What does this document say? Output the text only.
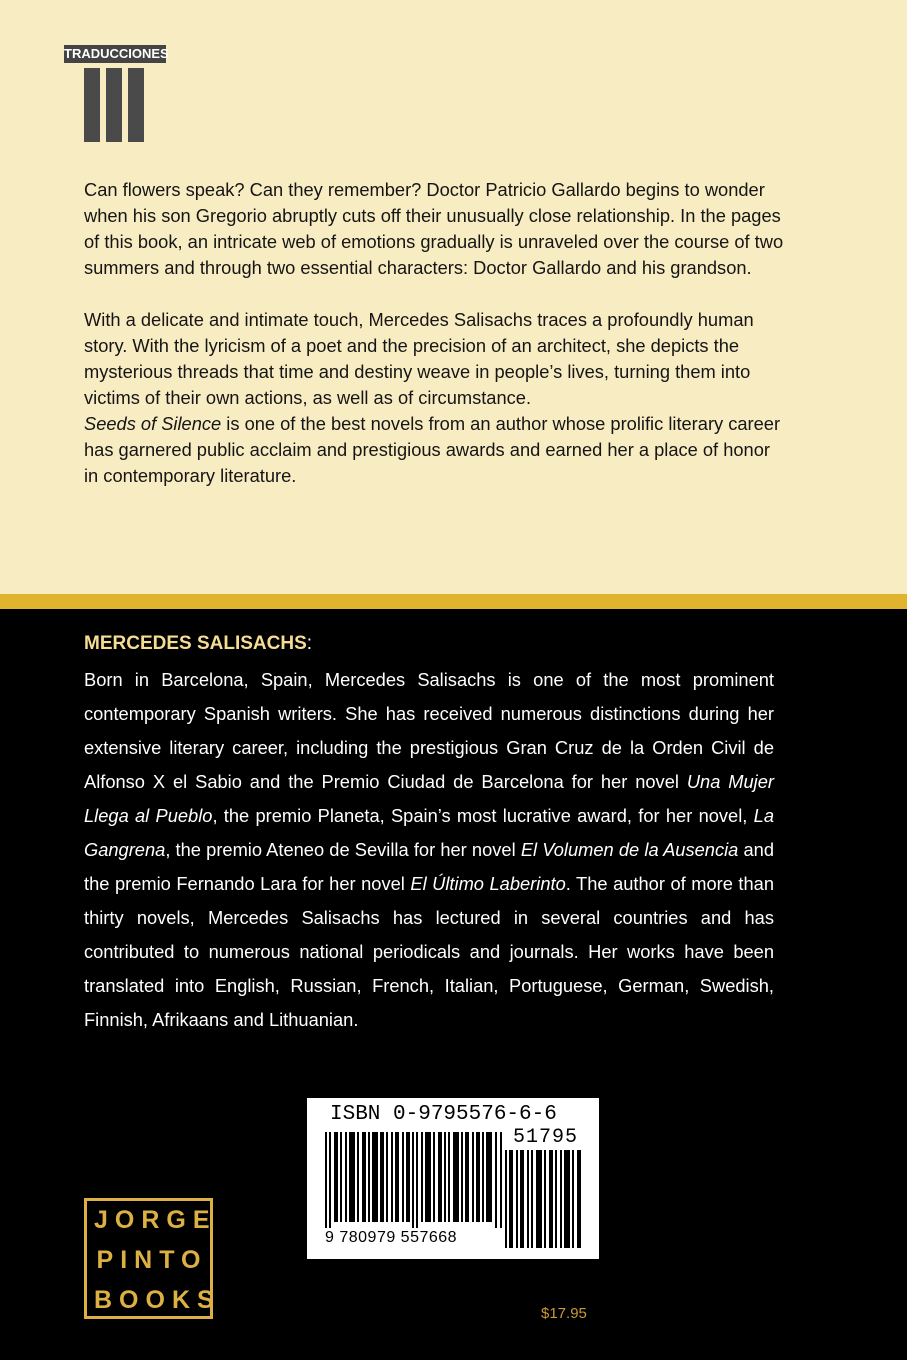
TRADUCCIONES

Can flowers speak? Can they remember? Doctor Patricio Gallardo begins to wonder when his son Gregorio abruptly cuts off their unusually close relationship. In the pages of this book, an intricate web of emotions gradually is unraveled over the course of two summers and through two essential characters: Doctor Gallardo and his grandson.

With a delicate and intimate touch, Mercedes Salisachs traces a profoundly human story. With the lyricism of a poet and the precision of an architect, she depicts the mysterious threads that time and destiny weave in people’s lives, turning them into victims of their own actions, as well as of circumstance.
Seeds of Silence is one of the best novels from an author whose prolific literary career has garnered public acclaim and prestigious awards and earned her a place of honor in contemporary literature.

MERCEDES SALISACHS:

Born in Barcelona, Spain, Mercedes Salisachs is one of the most prominent contemporary Spanish writers. She has received numerous distinctions during her extensive literary career, including the prestigious Gran Cruz de la Orden Civil de Alfonso X el Sabio and the Premio Ciudad de Barcelona for her novel Una Mujer Llega al Pueblo, the premio Planeta, Spain’s most lucrative award, for her novel, La Gangrena, the premio Ateneo de Sevilla for her novel El Volumen de la Ausencia and the premio Fernando Lara for her novel El Último Laberinto. The author of more than thirty novels, Mercedes Salisachs has lectured in several countries and has contributed to numerous national periodicals and journals. Her works have been translated into English, Russian, French, Italian, Portuguese, German, Swedish, Finnish, Afrikaans and Lithuanian.

ISBN 0-9795576-6-6
51795
9 780979 557668
JORGE
PINTO
BOOKS	$17.95
